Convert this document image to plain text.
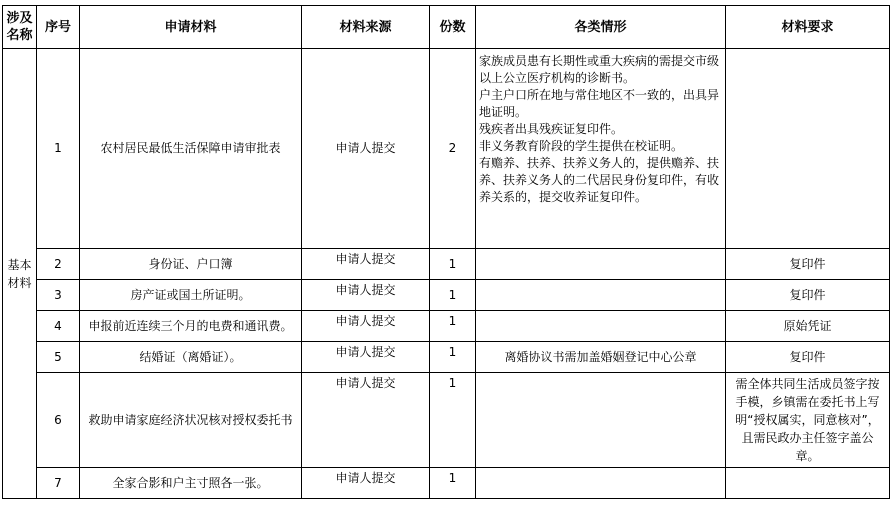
涉及名称	序号	申请材料	材料来源	份数	各类情形	材料要求
基本材料	1	农村居民最低生活保障申请审批表	申请人提交	2	家族成员患有长期性或重大疾病的需提交市级以上公立医疗机构的诊断书。
户主户口所在地与常住地区不一致的，出具异地证明。
残疾者出具残疾证复印件。
非义务教育阶段的学生提供在校证明。
有赡养、扶养、扶养义务人的，提供赡养、扶养、扶养义务人的二代居民身份复印件，有收养关系的，提交收养证复印件。	
	2	身份证、户口簿	申请人提交	1		复印件
	3	房产证或国土所证明。	申请人提交	1		复印件
	4	申报前近连续三个月的电费和通讯费。	申请人提交	1		原始凭证
	5	结婚证（离婚证）。	申请人提交	1	离婚协议书需加盖婚姻登记中心公章	复印件
	6	救助申请家庭经济状况核对授权委托书	申请人提交	1		需全体共同生活成员签字按手模，乡镇需在委托书上写明“授权属实，同意核对”，且需民政办主任签字盖公章。
	7	全家合影和户主寸照各一张。	申请人提交	1		
